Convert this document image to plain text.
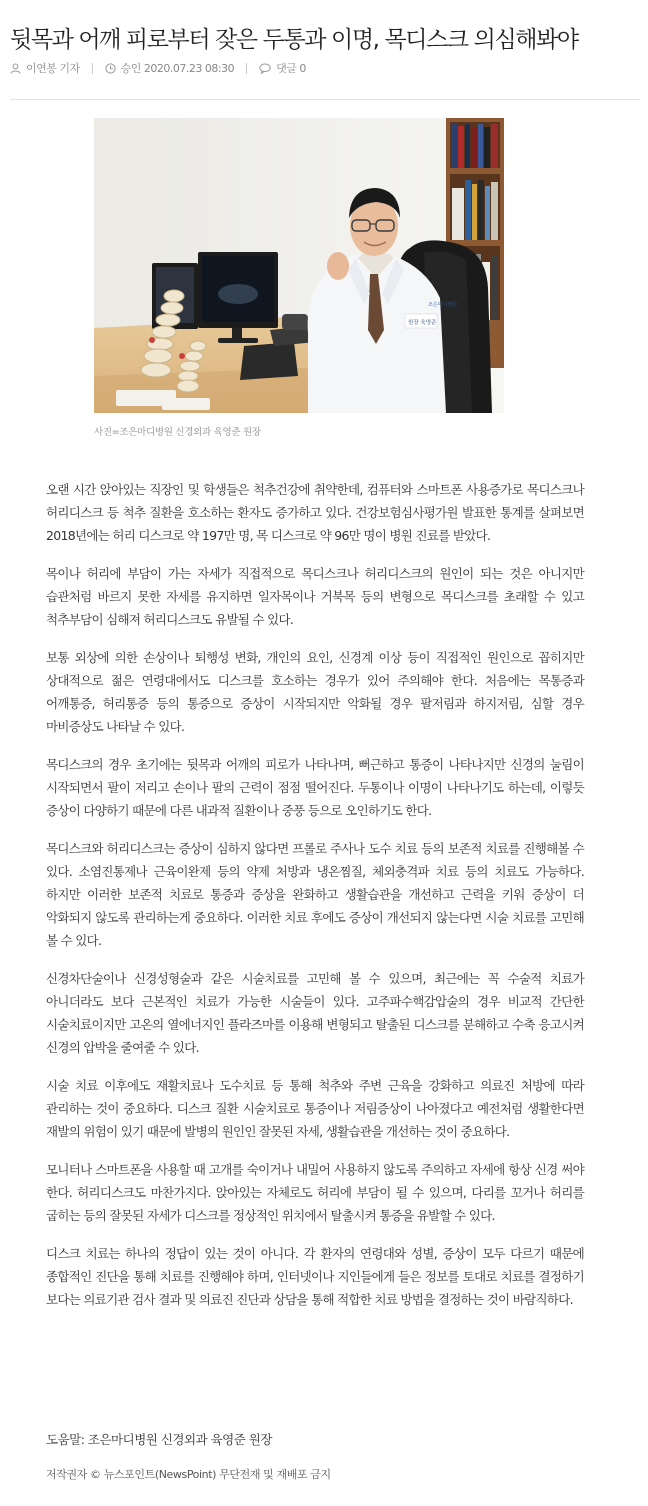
뒷목과 어깨 피로부터 잦은 두통과 이명, 목디스크 의심해봐야
이연봉 기자	승인 2020.07.23 08:30	댓글 0
원장 육영준
조은마디병원
사진=조은마디병원 신경외과 육영준 원장

오랜 시간 앉아있는 직장인 및 학생들은 척추건강에 취약한데, 컴퓨터와 스마트폰 사용증가로 목디스크나 허리디스크 등 척추 질환을 호소하는 환자도 증가하고 있다. 건강보험심사평가원 발표한 통계를 살펴보면 2018년에는 허리 디스크로 약 197만 명, 목 디스크로 약 96만 명이 병원 진료를 받았다.

목이나 허리에 부담이 가는 자세가 직접적으로 목디스크나 허리디스크의 원인이 되는 것은 아니지만 습관처럼 바르지 못한 자세를 유지하면 일자목이나 거북목 등의 변형으로 목디스크를 초래할 수 있고 척추부담이 심해져 허리디스크도 유발될 수 있다.

보통 외상에 의한 손상이나 퇴행성 변화, 개인의 요인, 신경계 이상 등이 직접적인 원인으로 꼽히지만 상대적으로 젊은 연령대에서도 디스크를 호소하는 경우가 있어 주의해야 한다. 처음에는 목통증과 어깨통증, 허리통증 등의 통증으로 증상이 시작되지만 악화될 경우 팔저림과 하지저림, 심할 경우 마비증상도 나타날 수 있다.

목디스크의 경우 초기에는 뒷목과 어깨의 피로가 나타나며, 뻐근하고 통증이 나타나지만 신경의 눌림이 시작되면서 팔이 저리고 손이나 팔의 근력이 점점 떨어진다. 두통이나 이명이 나타나기도 하는데, 이렇듯 증상이 다양하기 때문에 다른 내과적 질환이나 중풍 등으로 오인하기도 한다.

목디스크와 허리디스크는 증상이 심하지 않다면 프롤로 주사나 도수 치료 등의 보존적 치료를 진행해볼 수 있다. 소염진통제나 근육이완제 등의 약제 처방과 냉온찜질, 체외충격파 치료 등의 치료도 가능하다. 하지만 이러한 보존적 치료로 통증과 증상을 완화하고 생활습관을 개선하고 근력을 키워 증상이 더 악화되지 않도록 관리하는게 중요하다. 이러한 치료 후에도 증상이 개선되지 않는다면 시술 치료를 고민해 볼 수 있다.

신경차단술이나 신경성형술과 같은 시술치료를 고민해 볼 수 있으며, 최근에는 꼭 수술적 치료가 아니더라도 보다 근본적인 치료가 가능한 시술들이 있다. 고주파수핵감압술의 경우 비교적 간단한 시술치료이지만 고온의 열에너지인 플라즈마를 이용해 변형되고 탈출된 디스크를 분해하고 수축 응고시켜 신경의 압박을 줄여줄 수 있다.

시술 치료 이후에도 재활치료나 도수치료 등 통해 척추와 주변 근육을 강화하고 의료진 처방에 따라 관리하는 것이 중요하다. 디스크 질환 시술치료로 통증이나 저림증상이 나아졌다고 예전처럼 생활한다면 재발의 위험이 있기 때문에 발병의 원인인 잘못된 자세, 생활습관을 개선하는 것이 중요하다.

모니터나 스마트폰을 사용할 때 고개를 숙이거나 내밀어 사용하지 않도록 주의하고 자세에 항상 신경 써야 한다. 허리디스크도 마찬가지다. 앉아있는 자체로도 허리에 부담이 될 수 있으며, 다리를 꼬거나 허리를 굽히는 등의 잘못된 자세가 디스크를 정상적인 위치에서 탈출시켜 통증을 유발할 수 있다.

디스크 치료는 하나의 정답이 있는 것이 아니다. 각 환자의 연령대와 성별, 증상이 모두 다르기 때문에 종합적인 진단을 통해 치료를 진행해야 하며, 인터넷이나 지인들에게 들은 정보를 토대로 치료를 결정하기 보다는 의료기관 검사 결과 및 의료진 진단과 상담을 통해 적합한 치료 방법을 결정하는 것이 바람직하다.

도움말: 조은마디병원 신경외과 육영준 원장
저작권자 © 뉴스포인트(NewsPoint) 무단전재 및 재배포 금지
